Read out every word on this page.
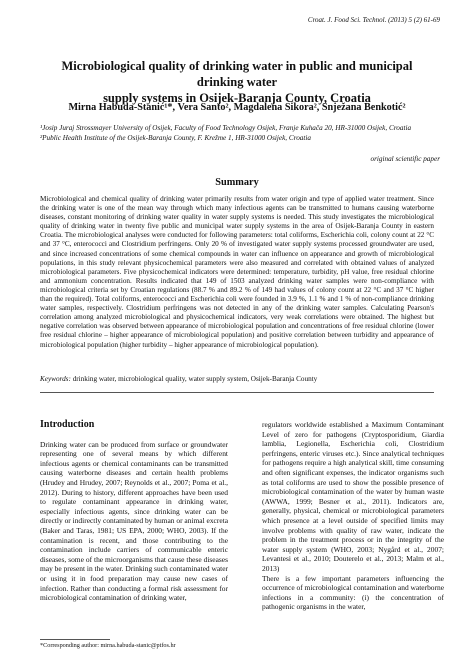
Croat. J. Food Sci. Technol. (2013) 5 (2) 61-69
Microbiological quality of drinking water in public and municipal drinking water
supply systems in Osijek-Baranja County, Croatia
Mirna Habuda-Stanić¹*, Vera Santo², Magdalena Sikora², Snježana Benkotić²
¹Josip Juraj Strossmayer University of Osijek, Faculty of Food Technology Osijek, Franje Kuhača 20, HR-31000 Osijek, Croatia
²Public Health Institute of the Osijek-Baranja County, F. Krežme 1, HR-31000 Osijek, Croatia
original scientific paper
Summary
Microbiological and chemical quality of drinking water primarily results from water origin and type of applied water treatment. Since the drinking water is one of the mean way through which many infectious agents can be transmitted to humans causing waterborne diseases, constant monitoring of drinking water quality in water supply systems is needed. This study investigates the microbiological quality of drinking water in twenty five public and municipal water supply systems in the area of Osijek-Baranja County in eastern Croatia. The microbiological analyses were conducted for following parameters: total coliforms, Escherichia coli, colony count at 22 °C and 37 °C, enterococci and Clostridium perfringens. Only 20 % of investigated water supply systems processed groundwater are used, and since increased concentrations of some chemical compounds in water can influence on appearance and growth of microbiological populations, in this study relevant physicochemical parameters were also measured and correlated with obtained values of analyzed microbiological parameters. Five physicochemical indicators were determined: temperature, turbidity, pH value, free residual chlorine and ammonium concentration. Results indicated that 149 of 1503 analyzed drinking water samples were non-compliance with microbiological criteria set by Croatian regulations (88.7 % and 89.2 % of 149 had values of colony count at 22 °C and 37 °C higher than the required). Total coliforms, enterococci and Escherichia coli were founded in 3.9 %, 1.1 % and 1 % of non-compliance drinking water samples, respectively. Clostridium perfringens was not detected in any of the drinking water samples. Calculating Pearson's correlation among analyzed microbiological and physicochemical indicators, very weak correlations were obtained. The highest but negative correlation was observed between appearance of microbiological population and concentrations of free residual chlorine (lower free residual chlorine – higher appearance of microbiological population) and positive correlation between turbidity and appearance of microbiological population (higher turbidity – higher appearance of microbiological population).
Keywords: drinking water, microbiological quality, water supply system, Osijek-Baranja County
Introduction

Drinking water can be produced from surface or groundwater representing one of several means by which different infectious agents or chemical contaminants can be transmitted causing waterborne diseases and certain health problems (Hrudey and Hrudey, 2007; Reynolds et al., 2007; Poma et al., 2012). During to history, different approaches have been used to regulate contaminant appearance in drinking water, especially infectious agents, since drinking water can be directly or indirectly contaminated by human or animal excreta (Baker and Taras, 1981; US EPA, 2000; WHO, 2003). If the contamination is recent, and those contributing to the contamination include carriers of communicable enteric diseases, some of the microorganisms that cause these diseases may be present in the water. Drinking such contaminated water or using it in food preparation may cause new cases of infection. Rather than conducting a formal risk assessment for microbiological contamination of drinking water,

regulators worldwide established a Maximum Contaminant Level of zero for pathogens (Cryptosporidium, Giardia lamblia, Legionella, Escherichia coli, Clostridium perfringens, enteric viruses etc.). Since analytical techniques for pathogens require a high analytical skill, time consuming and often significant expenses, the indicator organisms such as total coliforms are used to show the possible presence of microbiological contamination of the water by human waste (AWWA, 1999; Besner et al., 2011). Indicators are, generally, physical, chemical or microbiological parameters which presence at a level outside of specified limits may involve problems with quality of raw water, indicate the problem in the treatment process or in the integrity of the water supply system (WHO, 2003; Nygård et al., 2007; Levantesi et al., 2010; Douterelo et al., 2013; Malm et al., 2013)

There is a few important parameters influencing the occurrence of microbiological contamination and waterborne infections in a community: (i) the concentration of pathogenic organisms in the water,

*Corresponding author: mirna.habuda-stanic@ptfos.hr
